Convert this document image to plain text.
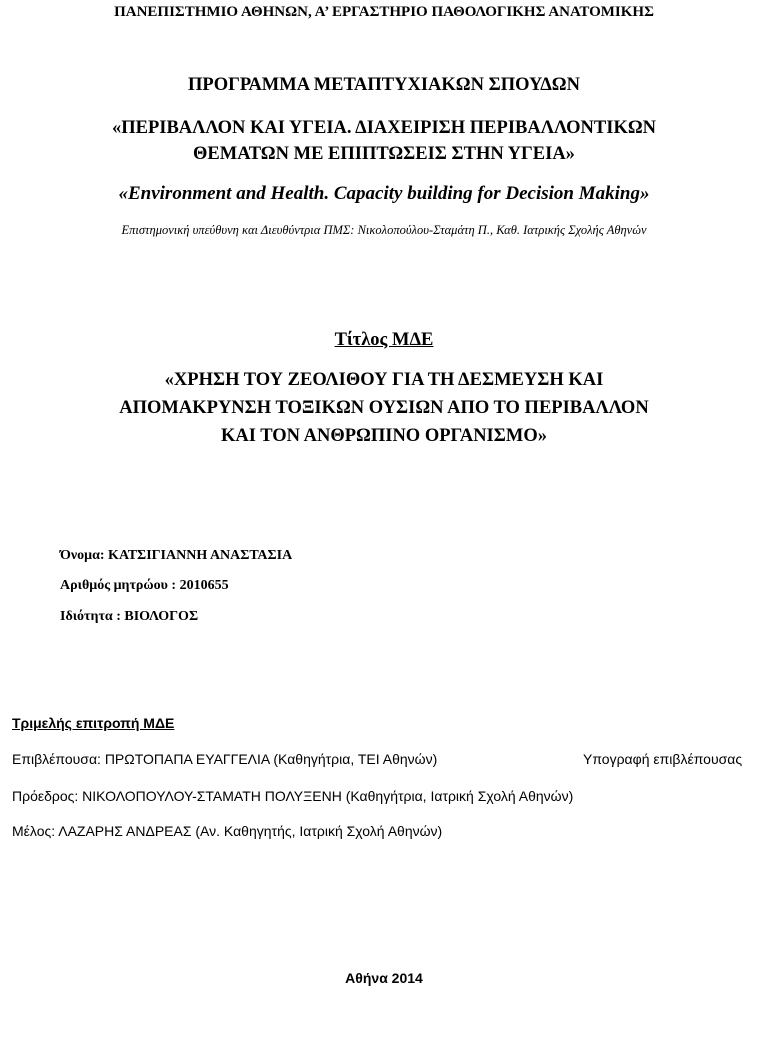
ΠΑΝΕΠΙΣΤΗΜΙΟ ΑΘΗΝΩΝ, Α’ ΕΡΓΑΣΤΗΡΙΟ ΠΑΘΟΛΟΓΙΚΗΣ ΑΝΑΤΟΜΙΚΗΣ
ΠΡΟΓΡΑΜΜΑ ΜΕΤΑΠΤΥΧΙΑΚΩΝ ΣΠΟΥΔΩΝ
«ΠΕΡΙΒΑΛΛΟΝ ΚΑΙ ΥΓΕΙΑ. ΔΙΑΧΕΙΡΙΣΗ ΠΕΡΙΒΑΛΛΟΝΤΙΚΩΝ
ΘΕΜΑΤΩΝ ΜΕ ΕΠΙΠΤΩΣΕΙΣ ΣΤΗΝ ΥΓΕΙΑ»
«Environment and Health. Capacity building for Decision Making»
Επιστημονική υπεύθυνη και Διευθύντρια ΠΜΣ: Νικολοπούλου-Σταμάτη Π., Καθ. Ιατρικής Σχολής Αθηνών
Τίτλος ΜΔΕ
«ΧΡΗΣΗ ΤΟΥ ΖΕΟΛΙΘΟΥ ΓΙΑ ΤΗ ΔΕΣΜΕΥΣΗ ΚΑΙ
ΑΠΟΜΑΚΡΥΝΣΗ ΤΟΞΙΚΩΝ ΟΥΣΙΩΝ ΑΠΟ ΤΟ ΠΕΡΙΒΑΛΛΟΝ
ΚΑΙ ΤΟΝ ΑΝΘΡΩΠΙΝΟ ΟΡΓΑΝΙΣΜΟ»
Όνομα: ΚΑΤΣΙΓΙΑΝΝΗ ΑΝΑΣΤΑΣΙΑ
Αριθμός μητρώου : 2010655
Ιδιότητα : ΒΙΟΛΟΓΟΣ
Τριμελής επιτροπή ΜΔΕ
Επιβλέπουσα: ΠΡΩΤΟΠΑΠΑ ΕΥΑΓΓΕΛΙΑ (Καθηγήτρια, ΤΕΙ Αθηνών)	Υπογραφή επιβλέπουσας
Πρόεδρος: ΝΙΚΟΛΟΠΟΥΛΟΥ-ΣΤΑΜΑΤΗ ΠΟΛΥΞΕΝΗ (Καθηγήτρια, Ιατρική Σχολή Αθηνών)
Μέλος: ΛΑΖΑΡΗΣ ΑΝΔΡΕΑΣ (Αν. Καθηγητής, Ιατρική Σχολή Αθηνών)
Αθήνα 2014
